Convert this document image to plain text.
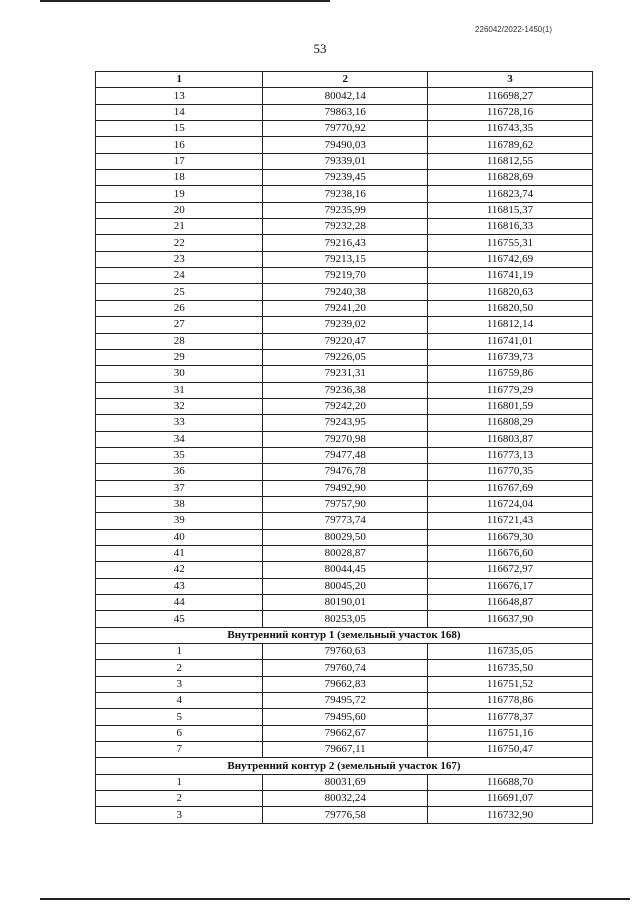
226042/2022-1450(1)
53
1	2	3
13	80042,14	116698,27
14	79863,16	116728,16
15	79770,92	116743,35
16	79490,03	116789,62
17	79339,01	116812,55
18	79239,45	116828,69
19	79238,16	116823,74
20	79235,99	116815,37
21	79232,28	116816,33
22	79216,43	116755,31
23	79213,15	116742,69
24	79219,70	116741,19
25	79240,38	116820,63
26	79241,20	116820,50
27	79239,02	116812,14
28	79220,47	116741,01
29	79226,05	116739,73
30	79231,31	116759,86
31	79236,38	116779,29
32	79242,20	116801,59
33	79243,95	116808,29
34	79270,98	116803,87
35	79477,48	116773,13
36	79476,78	116770,35
37	79492,90	116767,69
38	79757,90	116724,04
39	79773,74	116721,43
40	80029,50	116679,30
41	80028,87	116676,60
42	80044,45	116672,97
43	80045,20	116676,17
44	80190,01	116648,87
45	80253,05	116637,90
Внутренний контур 1 (земельный участок 168)		
1	79760,63	116735,05
2	79760,74	116735,50
3	79662,83	116751,52
4	79495,72	116778,86
5	79495,60	116778,37
6	79662,67	116751,16
7	79667,11	116750,47
Внутренний контур 2 (земельный участок 167)		
1	80031,69	116688,70
2	80032,24	116691,07
3	79776,58	116732,90
